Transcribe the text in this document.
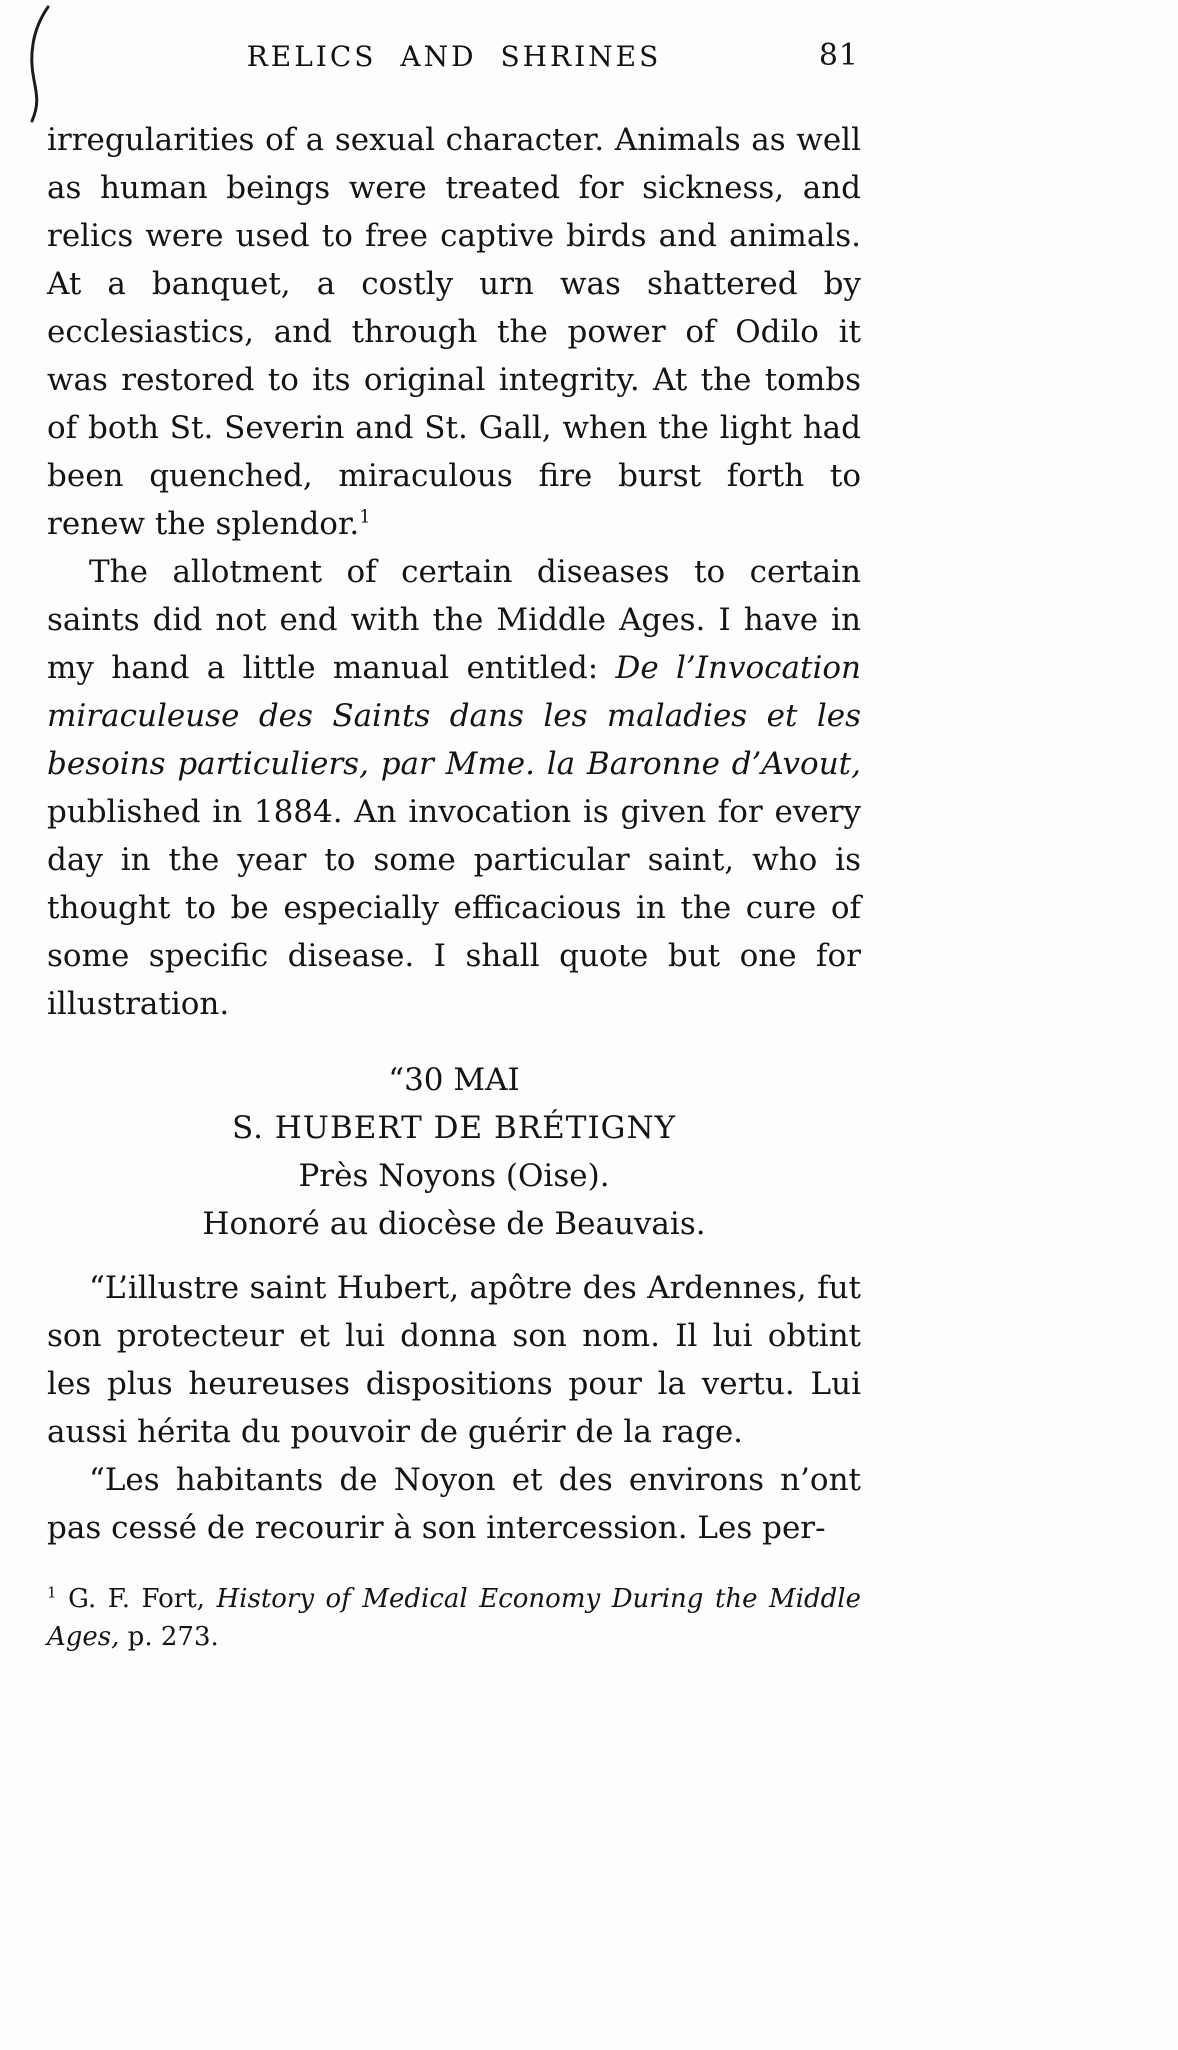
RELICS AND SHRINES	81

irregularities of a sexual character. Animals as well as human beings were treated for sickness, and relics were used to free captive birds and animals. At a banquet, a costly urn was shattered by ecclesiastics, and through the power of Odilo it was restored to its original integrity. At the tombs of both St. Severin and St. Gall, when the light had been quenched, miraculous fire burst forth to renew the splendor.$^1$

The allotment of certain diseases to certain saints did not end with the Middle Ages. I have in my hand a little manual entitled: De l’Invocation miraculeuse des Saints dans les maladies et les besoins particuliers, par Mme. la Baronne d’Avout, published in 1884. An invocation is given for every day in the year to some particular saint, who is thought to be especially efficacious in the cure of some specific disease. I shall quote but one for illustration.

“30 MAI
S. HUBERT DE BRÉTIGNY
Près Noyons (Oise).
Honoré au diocèse de Beauvais.

“L’illustre saint Hubert, apôtre des Ardennes, fut son protecteur et lui donna son nom. Il lui obtint les plus heureuses dispositions pour la vertu. Lui aussi hérita du pouvoir de guérir de la rage.

“Les habitants de Noyon et des environs n’ont pas cessé de recourir à son intercession. Les per-

$^1$ G. F. Fort, History of Medical Economy During the Middle Ages, p. 273.
